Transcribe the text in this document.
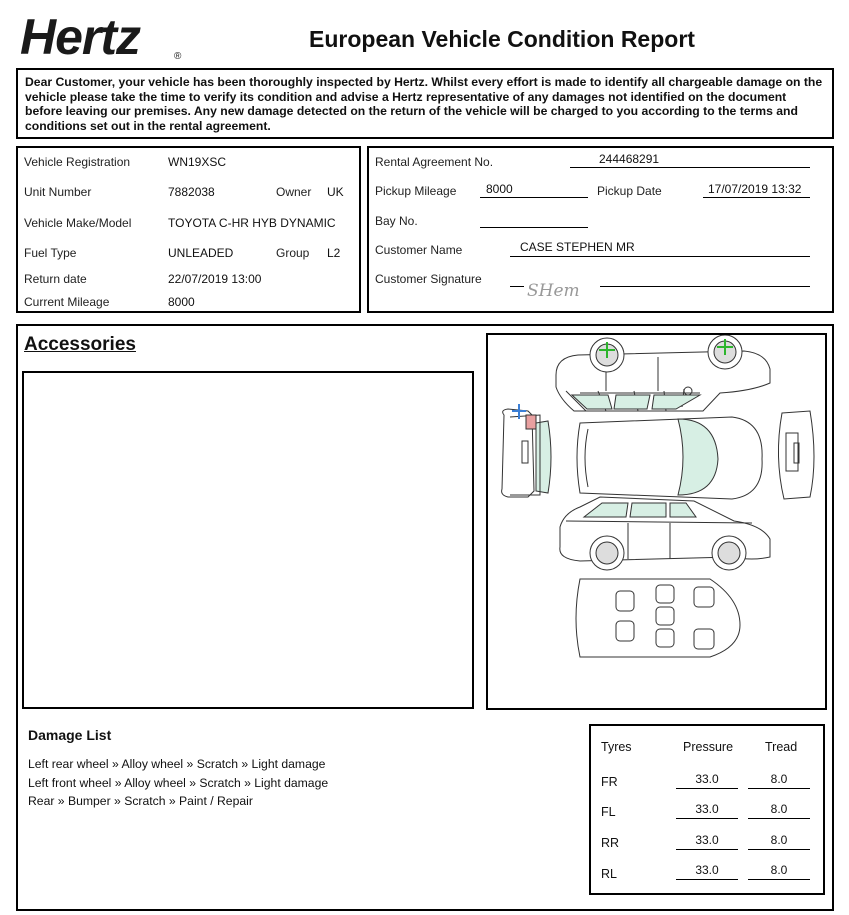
Hertz	®
European Vehicle Condition Report
Dear Customer, your vehicle has been thoroughly inspected by Hertz. Whilst every effort is made to identify all chargeable damage on the vehicle please take the time to verify its condition and advise a Hertz representative of any damages not identified on the document before leaving our premises. Any new damage detected on the return of the vehicle will be charged to you according to the terms and conditions set out in the rental agreement.
Vehicle Registration	WN19XSC
Unit Number	7882038	Owner UK
Vehicle Make/Model	TOYOTA C-HR HYB DYNAMIC
Fuel Type	UNLEADED	Group L2
Return date	22/07/2019 13:00
Current Mileage	8000
Rental Agreement No.	244468291
Pickup Mileage 8000	Pickup Date	17/07/2019 13:32
Bay No.
Customer Name	CASE STEPHEN MR
Customer Signature
SHem
Accessories
Damage List
Left rear wheel » Alloy wheel » Scratch » Light damage
Left front wheel » Alloy wheel » Scratch » Light damage
Rear » Bumper » Scratch » Paint / Repair
Tyres	Pressure	Tread
FR	33.0	8.0
FL	33.0	8.0
RR	33.0	8.0
RL	33.0	8.0
